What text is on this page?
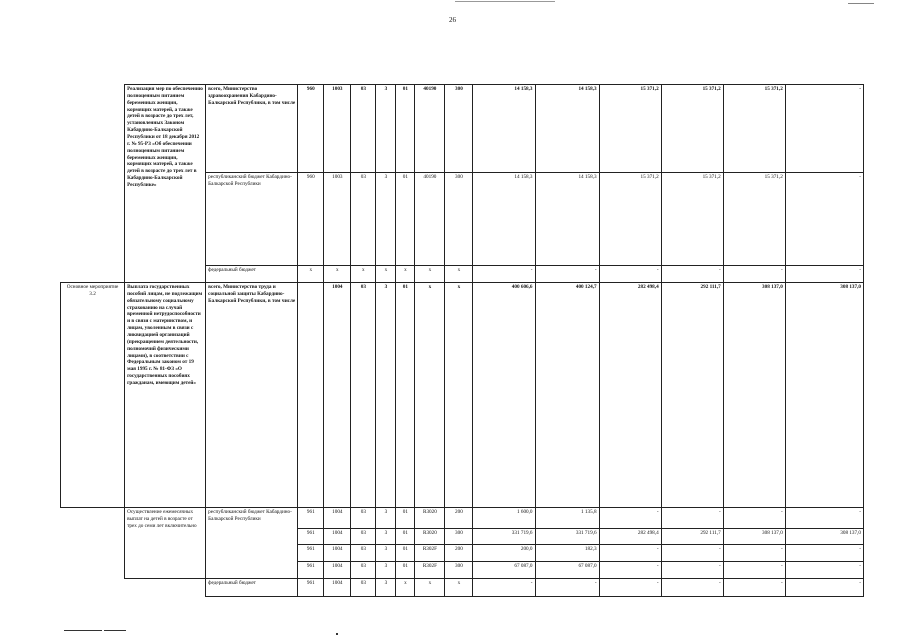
26
	Реализация мер по обеспечению полноценным питанием беременных женщин, кормящих матерей, а также детей в возрасте до трех лет, установленных Законом Кабардино-Балкарской Республики от 18 декабря 2012 г. № 95-РЗ «Об обеспечении полноценным питанием беременных женщин, кормящих матерей, а также детей в возрасте до трех лет в Кабардино-Балкарской Республике»	всего, Министерство здравоохранения Кабардино-Балкарской Республики, в том числе	960	1003	03	3	01	40190	300	14 158,3	14 158,3	15 371,2	15 371,2	15 371,2	-
		республиканский бюджет Кабардино-Балкарской Республики	960	1003	03	3	01	40190	300	14 158,3	14 158,3	15 371,2	15 371,2	15 371,2	-
		федеральный бюджет	x	x	x	x	x	x	x	-	-	-	-	-	-
Основное мероприятие 3.2	Выплата государственных пособий лицам, не подлежащим обязательному социальному страхованию на случай временной нетрудоспособности и в связи с материнством, и лицам, уволенным в связи с ликвидацией организаций (прекращением деятельности, полномочий физическими лицами), в соответствии с Федеральным законом от 19 мая 1995 г. № 81-ФЗ «О государственных пособиях гражданам, имеющим детей»	всего, Министерство труда и социальной защиты Кабардино-Балкарской Республики, в том числе		1004	03	3	01	x	x	400 606,6	400 124,7	282 498,4	292 111,7	308 137,0	308 137,0
	Осуществление ежемесячных выплат на детей в возрасте от трех до семи лет включительно	республиканский бюджет Кабардино-Балкарской Республики	961	1004	03	3	01	R3020	200	1 600,0	1 135,8	-	-	-	-
			961	1004	03	3	01	R3020	300	331 719,6	331 719,6	282 498,4	292 111,7	308 137,0	308 137,0
			961	1004	03	3	01	R302F	200	200,0	182,3	-	-	-	-
			961	1004	03	3	01	R302F	300	67 087,0	67 087,0	-	-	-	-
		федеральный бюджет	961	1004	03	3	x	x	x	-	-	-	-	-	-
